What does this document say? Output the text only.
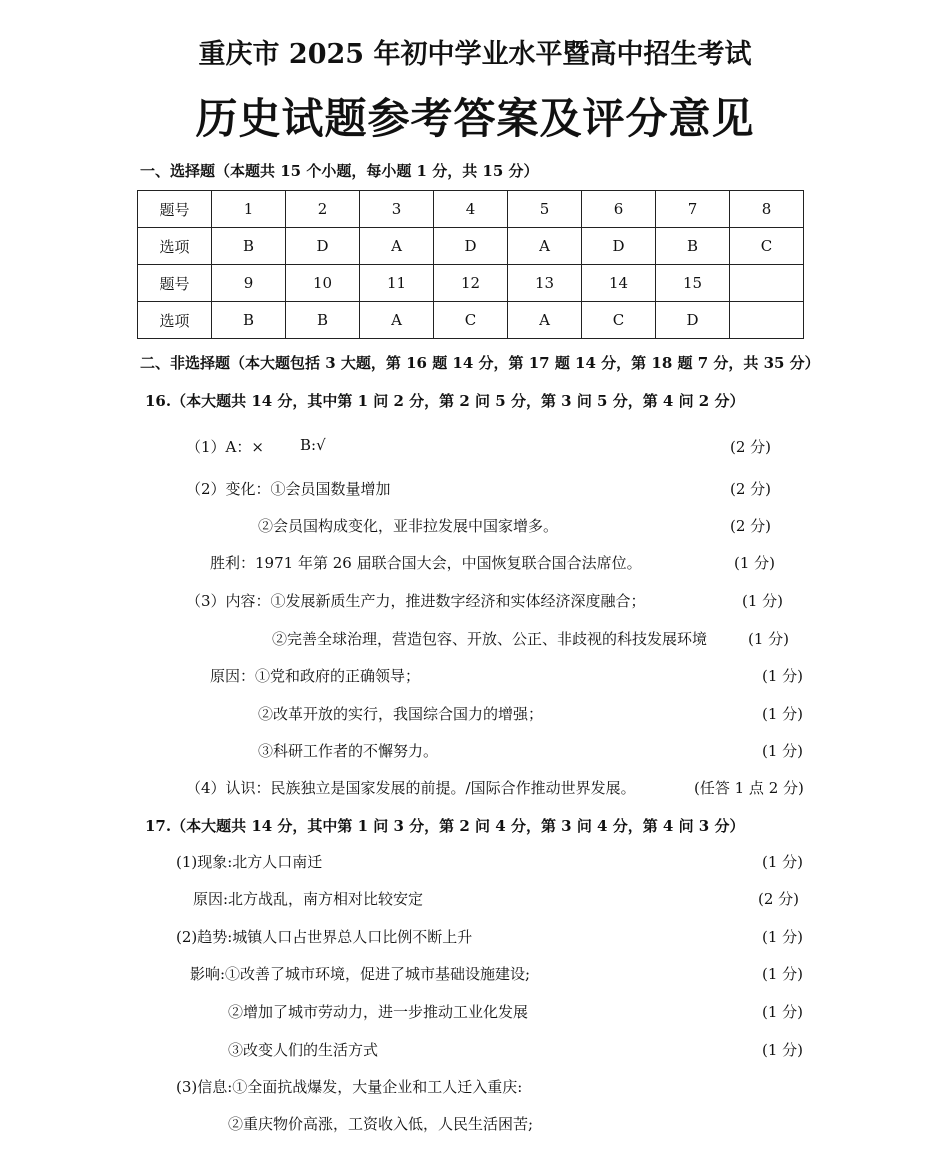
重庆市 2025 年初中学业水平暨高中招生考试
历史试题参考答案及评分意见
一、选择题（本题共 15 个小题，每小题 1 分，共 15 分）
题号	1	2	3	4	5	6	7	8
选项	B	D	A	D	A	D	B	C
题号	9	10	11	12	13	14	15	
选项	B	B	A	C	A	C	D	
二、非选择题（本大题包括 3 大题，第 16 题 14 分，第 17 题 14 分，第 18 题 7 分，共 35 分）
16.（本大题共 14 分，其中第 1 问 2 分，第 2 问 5 分，第 3 问 5 分，第 4 问 2 分）
（1）A：× B:√	(2 分)
（2）变化：①会员国数量增加	(2 分)
②会员国构成变化，亚非拉发展中国家增多。	(2 分)
胜利：1971 年第 26 届联合国大会，中国恢复联合国合法席位。	(1 分)
（3）内容：①发展新质生产力，推进数字经济和实体经济深度融合；	(1 分)
②完善全球治理，营造包容、开放、公正、非歧视的科技发展环境	(1 分)
原因：①党和政府的正确领导；	(1 分)
②改革开放的实行，我国综合国力的增强；	(1 分)
③科研工作者的不懈努力。	(1 分)
（4）认识：民族独立是国家发展的前提。/国际合作推动世界发展。	(任答 1 点 2 分)
17.（本大题共 14 分，其中第 1 问 3 分，第 2 问 4 分，第 3 问 4 分，第 4 问 3 分）
(1)现象:北方人口南迁	(1 分)
原因:北方战乱，南方相对比较安定	(2 分)
(2)趋势:城镇人口占世界总人口比例不断上升	(1 分)
影响:①改善了城市环境，促进了城市基础设施建设;	(1 分)
②增加了城市劳动力，进一步推动工业化发展	(1 分)
③改变人们的生活方式	(1 分)
(3)信息:①全面抗战爆发，大量企业和工人迁入重庆:
②重庆物价高涨，工资收入低，人民生活困苦;
